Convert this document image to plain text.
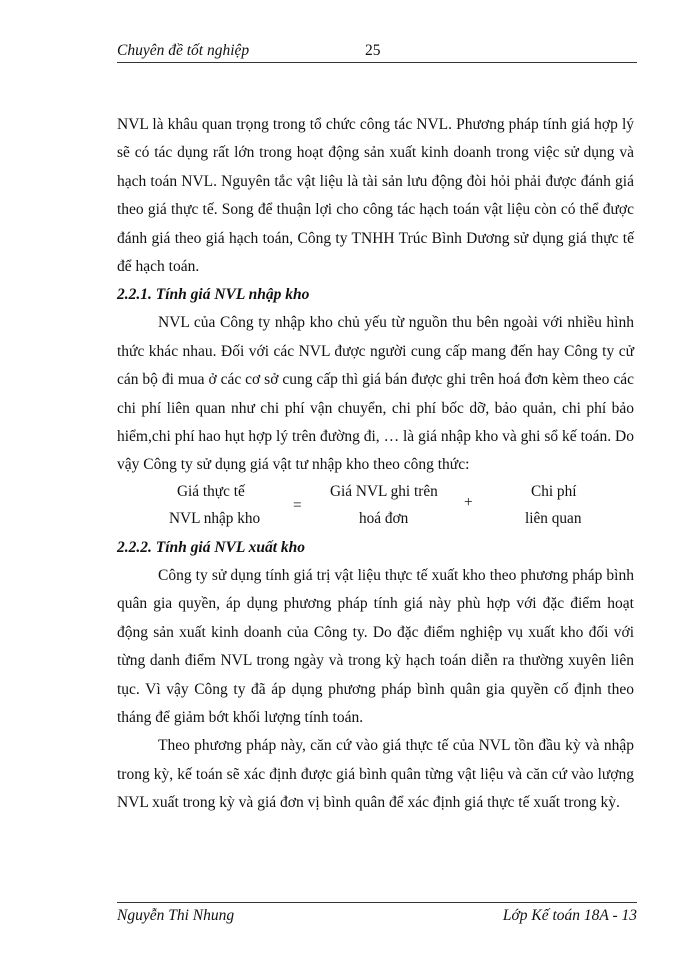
Chuyên đề tốt nghiệp	25

NVL là khâu quan trọng trong tổ chức công tác NVL. Phương pháp tính giá hợp lý sẽ có tác dụng rất lớn trong hoạt động sản xuất kinh doanh trong việc sử dụng và hạch toán NVL. Nguyên tắc vật liệu là tài sản lưu động đòi hỏi phải được đánh giá theo giá thực tế. Song để thuận lợi cho công tác hạch toán vật liệu còn có thể được đánh giá theo giá hạch toán, Công ty TNHH Trúc Bình Dương sử dụng giá thực tế để hạch toán.

2.2.1. Tính giá NVL nhập kho

NVL của Công ty nhập kho chủ yếu từ nguồn thu bên ngoài với nhiều hình thức khác nhau. Đối với các NVL được người cung cấp mang đến hay Công ty cử cán bộ đi mua ở các cơ sở cung cấp thì giá bán được ghi trên hoá đơn kèm theo các chi phí liên quan như chi phí vận chuyển, chi phí bốc dỡ, bảo quản, chi phí bảo hiểm,chi phí hao hụt hợp lý trên đường đi, … là giá nhập kho và ghi sổ kế toán. Do vậy Công ty sử dụng giá vật tư nhập kho theo công thức:

Giá thực tế
NVL nhập kho
=
Giá NVL ghi trên
hoá đơn
+
Chi phí
liên quan

2.2.2. Tính giá NVL xuất kho

Công ty sử dụng tính giá trị vật liệu thực tế xuất kho theo phương pháp bình quân gia quyền, áp dụng phương pháp tính giá này phù hợp với đặc điểm hoạt động sản xuất kinh doanh của Công ty. Do đặc điểm nghiệp vụ xuất kho đối với từng danh điểm NVL trong ngày và trong kỳ hạch toán diễn ra thường xuyên liên tục. Vì vậy Công ty đã áp dụng phương pháp bình quân gia quyền cố định theo tháng để giảm bớt khối lượng tính toán.

Theo phương pháp này, căn cứ vào giá thực tế của NVL tồn đầu kỳ và nhập trong kỳ, kế toán sẽ xác định được giá bình quân từng vật liệu và căn cứ vào lượng NVL xuất trong kỳ và giá đơn vị bình quân để xác định giá thực tế xuất trong kỳ.

Nguyễn Thi Nhung	Lớp Kế toán 18A - 13
